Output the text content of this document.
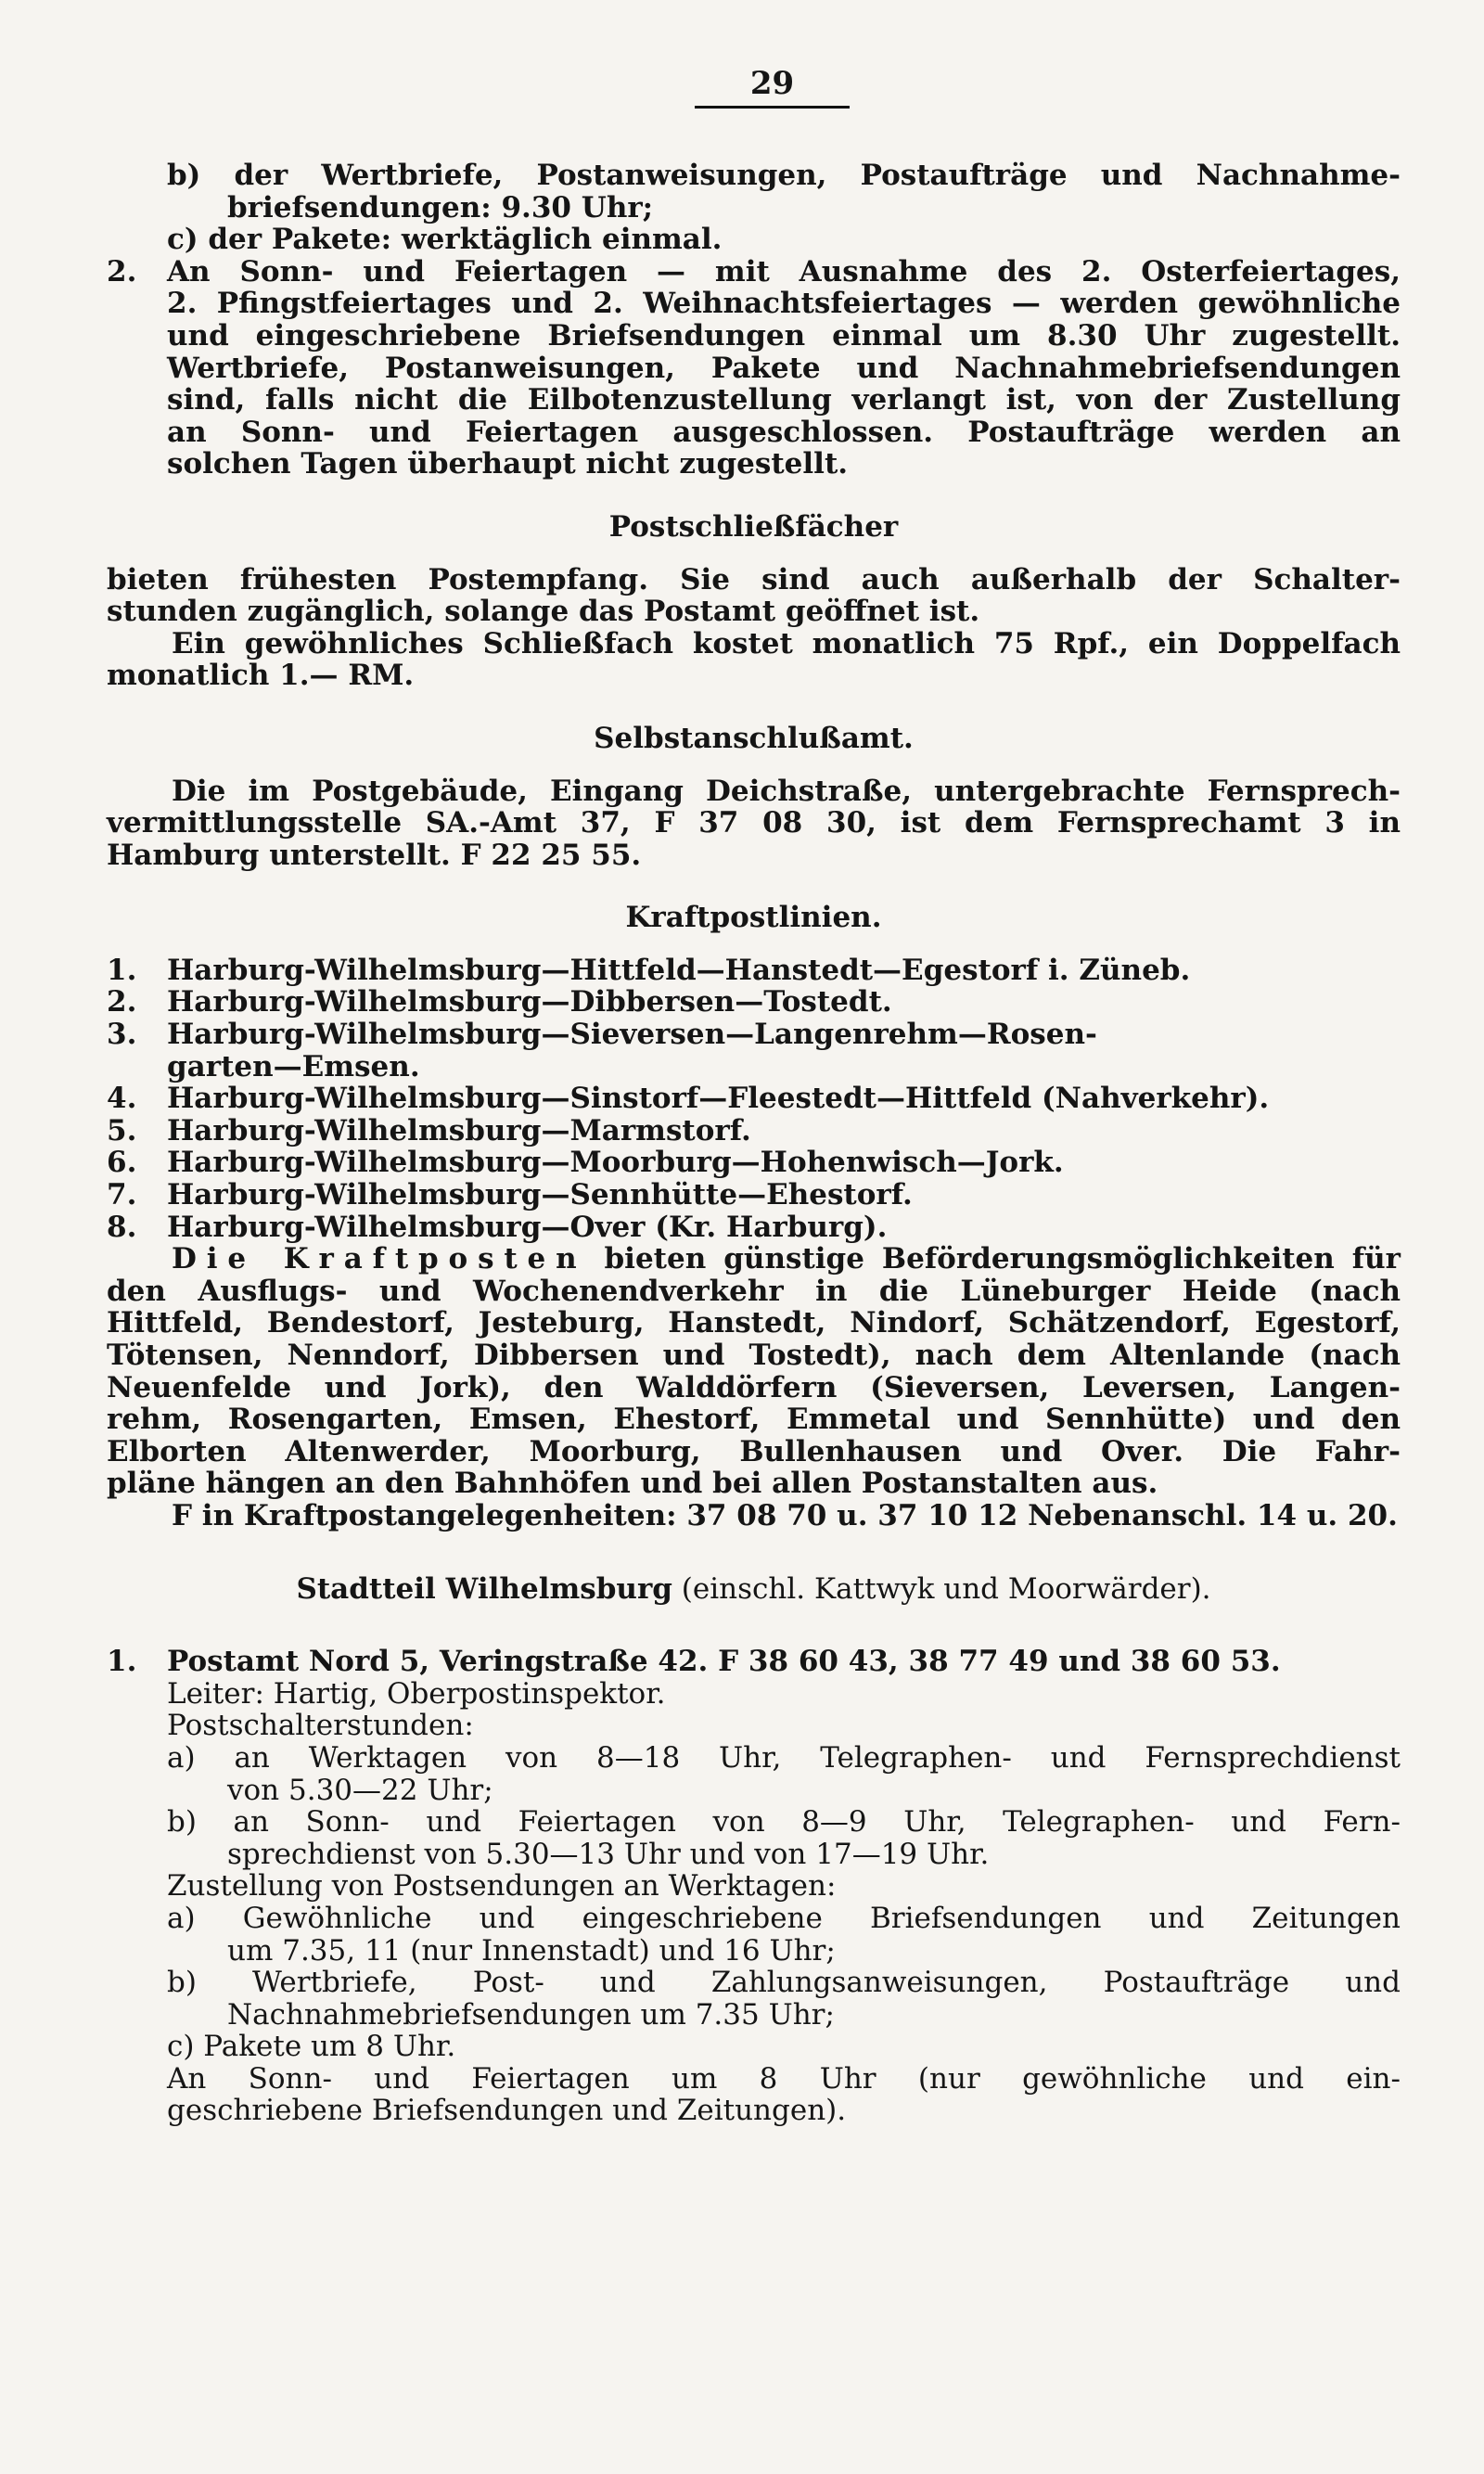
29
b) der Wertbriefe, Postanweisungen, Postaufträge und Nachnahme-
briefsendungen: 9.30 Uhr;
c) der Pakete: werktäglich einmal.
2.	An Sonn- und Feiertagen — mit Ausnahme des 2. Osterfeiertages,
2. Pfingstfeiertages und 2. Weihnachtsfeiertages — werden gewöhnliche
und eingeschriebene Briefsendungen einmal um 8.30 Uhr zugestellt.
Wertbriefe, Postanweisungen, Pakete und Nachnahmebriefsendungen
sind, falls nicht die Eilbotenzustellung verlangt ist, von der Zustellung
an Sonn- und Feiertagen ausgeschlossen. Postaufträge werden an
solchen Tagen überhaupt nicht zugestellt.
Postschließfächer
bieten frühesten Postempfang. Sie sind auch außerhalb der Schalter-
stunden zugänglich, solange das Postamt geöffnet ist.
Ein gewöhnliches Schließfach kostet monatlich 75 Rpf., ein Doppelfach
monatlich 1.— RM.
Selbstanschlußamt.
Die im Postgebäude, Eingang Deichstraße, untergebrachte Fernsprech-
vermittlungsstelle SA.-Amt 37, F 37 08 30, ist dem Fernsprechamt 3 in
Hamburg unterstellt. F 22 25 55.
Kraftpostlinien.
1.	Harburg-Wilhelmsburg—Hittfeld—Hanstedt—Egestorf i. Züneb.
2.	Harburg-Wilhelmsburg—Dibbersen—Tostedt.
3.	Harburg-Wilhelmsburg—Sieversen—Langenrehm—Rosen-
garten—Emsen.
4.	Harburg-Wilhelmsburg—Sinstorf—Fleestedt—Hittfeld (Nahverkehr).
5.	Harburg-Wilhelmsburg—Marmstorf.
6.	Harburg-Wilhelmsburg—Moorburg—Hohenwisch—Jork.
7.	Harburg-Wilhelmsburg—Sennhütte—Ehestorf.
8.	Harburg-Wilhelmsburg—Over (Kr. Harburg).
Die Kraftposten bieten günstige Beförderungsmöglichkeiten für
den Ausflugs- und Wochenendverkehr in die Lüneburger Heide (nach
Hittfeld, Bendestorf, Jesteburg, Hanstedt, Nindorf, Schätzendorf, Egestorf,
Tötensen, Nenndorf, Dibbersen und Tostedt), nach dem Altenlande (nach
Neuenfelde und Jork), den Walddörfern (Sieversen, Leversen, Langen-
rehm, Rosengarten, Emsen, Ehestorf, Emmetal und Sennhütte) und den
Elborten Altenwerder, Moorburg, Bullenhausen und Over. Die Fahr-
pläne hängen an den Bahnhöfen und bei allen Postanstalten aus.
F in Kraftpostangelegenheiten: 37 08 70 u. 37 10 12 Nebenanschl. 14 u. 20.
Stadtteil Wilhelmsburg (einschl. Kattwyk und Moorwärder).
1.	Postamt Nord 5, Veringstraße 42. F 38 60 43, 38 77 49 und 38 60 53.
Leiter: Hartig, Oberpostinspektor.
Postschalterstunden:
a) an Werktagen von 8—18 Uhr, Telegraphen- und Fernsprechdienst
von 5.30—22 Uhr;
b) an Sonn- und Feiertagen von 8—9 Uhr, Telegraphen- und Fern-
sprechdienst von 5.30—13 Uhr und von 17—19 Uhr.
Zustellung von Postsendungen an Werktagen:
a) Gewöhnliche und eingeschriebene Briefsendungen und Zeitungen
um 7.35, 11 (nur Innenstadt) und 16 Uhr;
b) Wertbriefe, Post- und Zahlungsanweisungen, Postaufträge und
Nachnahmebriefsendungen um 7.35 Uhr;
c) Pakete um 8 Uhr.
An Sonn- und Feiertagen um 8 Uhr (nur gewöhnliche und ein-
geschriebene Briefsendungen und Zeitungen).
